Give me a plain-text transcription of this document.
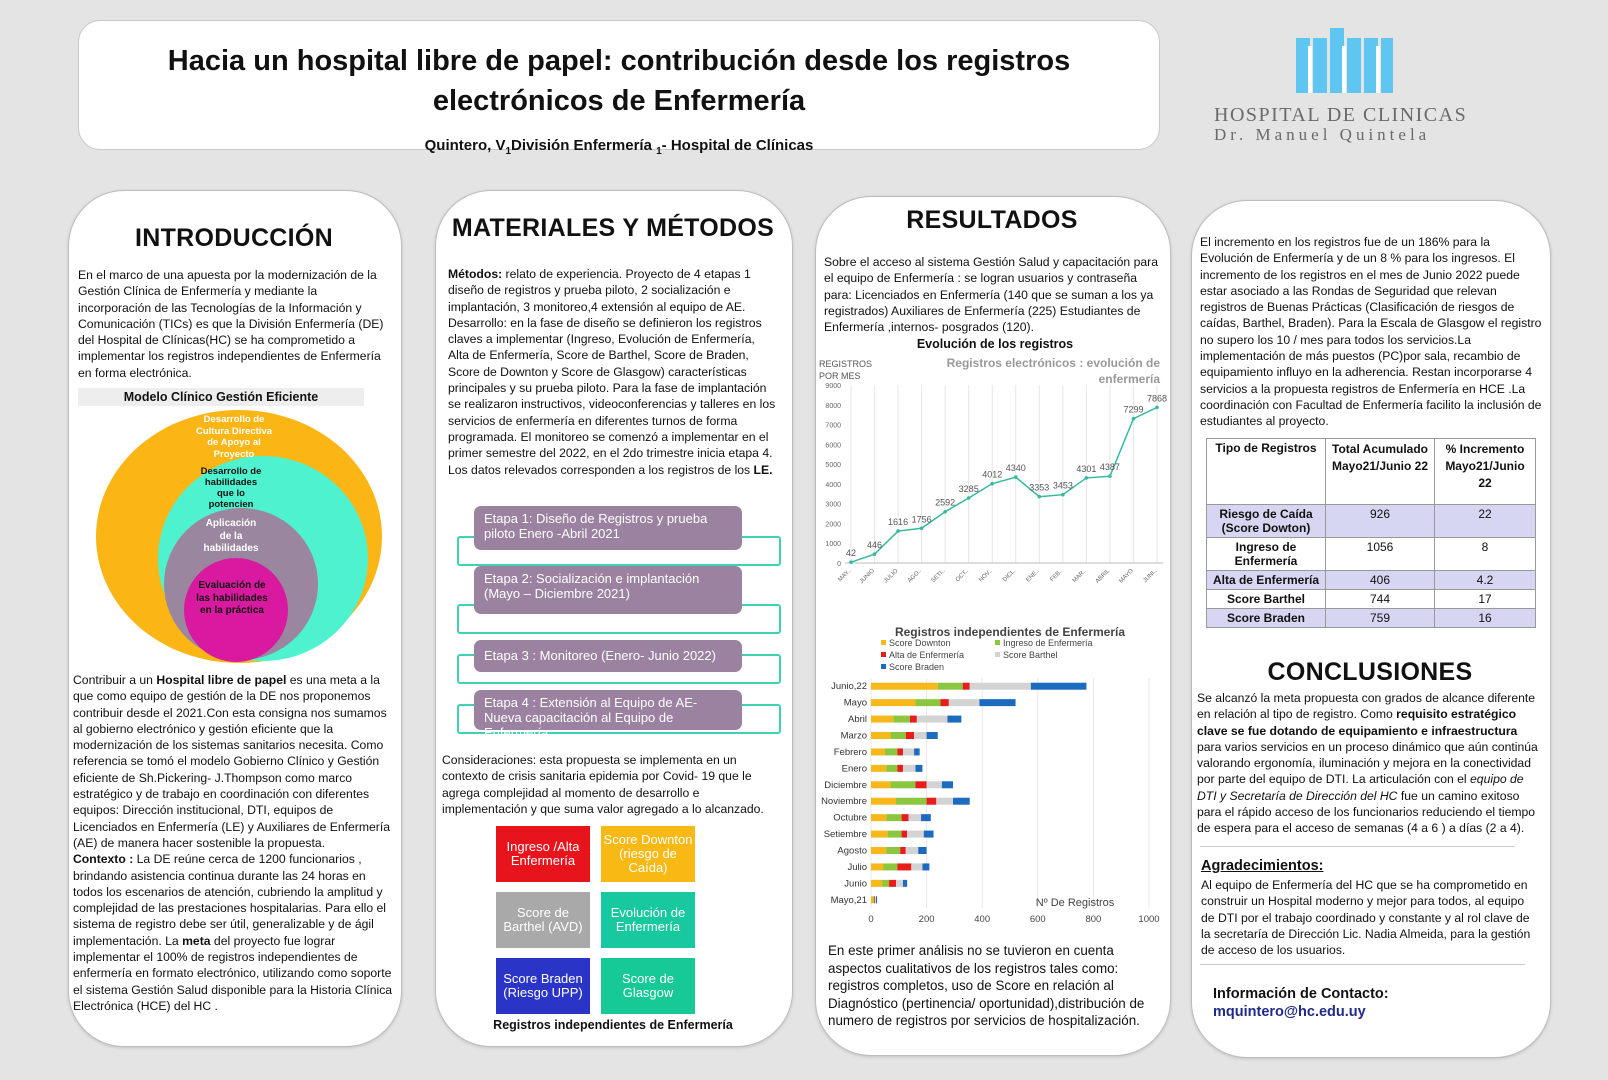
Hacia un hospital libre de papel: contribución desde los registros electrónicos de Enfermería
Quintero, $V_1División$ Enfermería $_1$- Hospital de Clínicas
HOSPITAL DE CLINICAS
Dr. Manuel Quintela
INTRODUCCIÓN
En el marco de una apuesta por la modernización de la Gestión Clínica de Enfermería y mediante la incorporación de las Tecnologías de la Información y Comunicación (TICs) es que la División Enfermería (DE) del Hospital de Clínicas(HC) se ha comprometido a implementar los registros independientes de Enfermería en forma electrónica.
Modelo Clínico Gestión Eficiente
Desarrollo de Cultura Directiva de Apoyo al Proyecto
Desarrollo de habilidades que lo potencien
Aplicación de la habilidades
Evaluación de las habilidades en la práctica

Contribuir a un Hospital libre de papel es una meta a la que como equipo de gestión de la DE nos proponemos contribuir desde el 2021.Con esta consigna nos sumamos al gobierno electrónico y gestión eficiente que la modernización de los sistemas sanitarios necesita. Como referencia se tomó el modelo Gobierno Clínico y Gestión eficiente de Sh.Pickering- J.Thompson como marco estratégico y de trabajo en coordinación con diferentes equipos: Dirección institucional, DTI, equipos de Licenciados en Enfermería (LE) y Auxiliares de Enfermería (AE) de manera hacer sostenible la propuesta.

Contexto : La DE reúne cerca de 1200 funcionarios , brindando asistencia continua durante las 24 horas en todos los escenarios de atención, cubriendo la amplitud y complejidad de las prestaciones hospitalarias. Para ello el sistema de registro debe ser útil, generalizable y de ágil implementación. La meta del proyecto fue lograr implementar el 100% de registros independientes de enfermería en formato electrónico, utilizando como soporte el sistema Gestión Salud disponible para la Historia Clínica Electrónica (HCE) del HC .

MATERIALES Y MÉTODOS

Métodos: relato de experiencia. Proyecto de 4 etapas 1 diseño de registros y prueba piloto, 2 socialización e implantación, 3 monitoreo,4 extensión al equipo de AE. Desarrollo: en la fase de diseño se definieron los registros claves a implementar (Ingreso, Evolución de Enfermería, Alta de Enfermería, Score de Barthel, Score de Braden, Score de Downton y Score de Glasgow) características principales y su prueba piloto. Para la fase de implantación se realizaron instructivos, videoconferencias y talleres en los servicios de enfermería en diferentes turnos de forma programada. El monitoreo se comenzó a implementar en el primer semestre del 2022, en el 2do trimestre inicia etapa 4. Los datos relevados corresponden a los registros de los LE.

Etapa 1: Diseño de Registros y prueba piloto Enero -Abril 2021
Etapa 2: Socialización e implantación (Mayo – Diciembre 2021)
Etapa 3 : Monitoreo (Enero- Junio 2022)
Etapa 4 : Extensión al Equipo de AE-Nueva capacitación al Equipo de Enfermería.
Consideraciones: esta propuesta se implementa en un contexto de crisis sanitaria epidemia por Covid- 19 que le agrega complejidad al momento de desarrollo e implementación y que suma valor agregado a lo alcanzado.
Ingreso /Alta Enfermería
Score Downton (riesgo de Caída)
Score de Barthel (AVD)
Evolución de Enfermería
Score Braden (Riesgo UPP)
Score de Glasgow
Registros independientes de Enfermería
RESULTADOS
Sobre el acceso al sistema Gestión Salud y capacitación para el equipo de Enfermería : se logran usuarios y contraseña para: Licenciados en Enfermería (140 que se suman a los ya registrados) Auxiliares de Enfermería (225) Estudiantes de Enfermería ,internos- posgrados (120).
Evolución de los registros
REGISTROS
POR MES
Registros electrónicos : evolución de
enfermería
0
1000
2000
3000
4000
5000
6000
7000
8000
9000
MAY.. JUNIO JULIO AGO.. SETI.. OCT.. NOV.. DICI.. ENE.. FEB.. MAR.. ABRIL MAYO JUNI..
42
446
1616 1756
2592
3285
4012
4340
3353 3453
4301 4387
7299
7868
Registros independientes de Enfermería
Score Downton	Ingreso de Enfermería
Alta de Enfermería	Score Barthel
Score Braden
0	200	400	600	800	1000
Nº De Registros
Junio,22
Mayo
Abril
Marzo
Febrero
Enero
Diciembre
Noviembre
Octubre
Setiembre
Agosto
Julio
Junio
Mayo,21
En este primer análisis no se tuvieron en cuenta aspectos cualitativos de los registros tales como: registros completos, uso de Score en relación al Diagnóstico (pertinencia/ oportunidad),distribución de numero de registros por servicios de hospitalización.
El incremento en los registros fue de un 186% para la Evolución de Enfermería y de un 8 % para los ingresos. El incremento de los registros en el mes de Junio 2022 puede estar asociado a las Rondas de Seguridad que relevan registros de Buenas Prácticas (Clasificación de riesgos de caídas, Barthel, Braden). Para la Escala de Glasgow el registro no supero los 10 / mes para todos los servicios.La implementación de más puestos (PC)por sala, recambio de equipamiento influyo en la adherencia. Restan incorporarse 4 servicios a la propuesta registros de Enfermería en HCE .La coordinación con Facultad de Enfermería facilito la inclusión de estudiantes al proyecto.
Tipo de Registros	Total Acumulado Mayo21/Junio 22	% Incremento Mayo21/Junio 22
Riesgo de Caída (Score Dowton)	926	22
Ingreso de Enfermería	1056	8
Alta de Enfermería	406	4.2
Score Barthel	744	17
Score Braden	759	16
CONCLUSIONES

Se alcanzó la meta propuesta con grados de alcance diferente en relación al tipo de registro. Como requisito estratégico clave se fue dotando de equipamiento e infraestructura para varios servicios en un proceso dinámico que aún continúa valorando ergonomía, iluminación y mejora en la conectividad por parte del equipo de DTI. La articulación con el equipo de DTI y Secretaría de Dirección del HC fue un camino exitoso para el rápido acceso de los funcionarios reduciendo el tiempo de espera para el acceso de semanas (4 a 6 ) a días (2 a 4).

Agradecimientos:
Al equipo de Enfermería del HC que se ha comprometido en construir un Hospital moderno y mejor para todos, al equipo de DTI por el trabajo coordinado y constante y al rol clave de la secretaría de Dirección Lic. Nadia Almeida, para la gestión de acceso de los usuarios.
Información de Contacto:
mquintero@hc.edu.uy
